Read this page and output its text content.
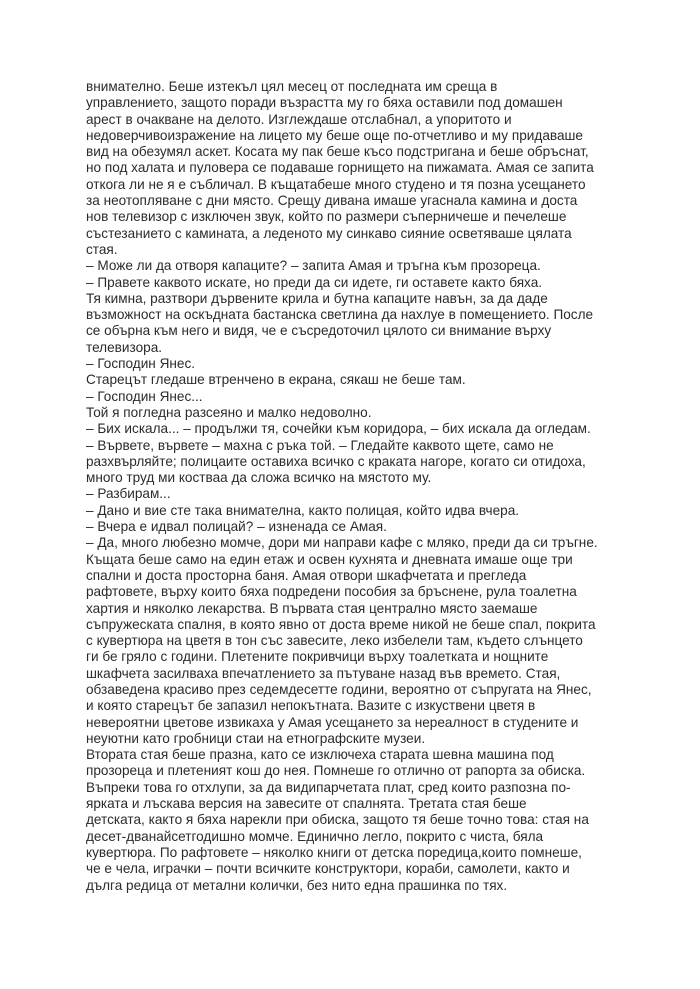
внимателно. Беше изтекъл цял месец от последната им среща в
управлението, защото поради възрастта му го бяха оставили под домашен
арест в очакване на делото. Изглеждаше отслабнал, а упоритото и
недоверчивоизражение на лицето му беше още по-отчетливо и му придаваше
вид на обезумял аскет. Косата му пак беше късо подстригана и беше обръснат,
но под халата и пуловера се подаваше горнището на пижамата. Амая се запита
откога ли не я е събличал. В къщатабеше много студено и тя позна усещането
за неотопляване с дни място. Срещу дивана имаше угаснала камина и доста
нов телевизор с изключен звук, който по размери съперничеше и печелеше
състезанието с камината, а леденото му синкаво сияние осветяваше цялата
стая.
– Може ли да отворя капаците? – запита Амая и тръгна към прозореца.
– Правете каквото искате, но преди да си идете, ги оставете както бяха.
Тя кимна, разтвори дървените крила и бутна капаците навън, за да даде
възможност на оскъдната бастанска светлина да нахлуе в помещението. После
се обърна към него и видя, че е съсредоточил цялото си внимание върху
телевизора.
– Господин Янес.
Старецът гледаше втренчено в екрана, сякаш не беше там.
– Господин Янес...
Той я погледна разсеяно и малко недоволно.
– Бих искала... – продължи тя, сочейки към коридора, – бих искала да огледам.
– Вървете, вървете – махна с ръка той. – Гледайте каквото щете, само не
разхвърляйте; полицаите оставиха всичко с краката нагоре, когато си отидоха,
много труд ми костваа да сложа всичко на мястото му.
– Разбирам...
– Дано и вие сте така внимателна, както полицая, който идва вчера.
– Вчера е идвал полицай? – изненада се Амая.
– Да, много любезно момче, дори ми направи кафе с мляко, преди да си тръгне.
Къщата беше само на един етаж и освен кухнята и дневната имаше още три
спални и доста просторна баня. Амая отвори шкафчетата и прегледа
рафтовете, върху които бяха подредени пособия за бръснене, рула тоалетна
хартия и няколко лекарства. В първата стая централно място заемаше
съпружеската спалня, в която явно от доста време никой не беше спал, покрита
с кувертюра на цветя в тон със завесите, леко избелели там, където слънцето
ги бе гряло с години. Плетените покривчици върху тоалетката и нощните
шкафчета засилваха впечатлението за пътуване назад във времето. Стая,
обзаведена красиво през седемдесетте години, вероятно от съпругата на Янес,
и която старецът бе запазил непокътната. Вазите с изкуствени цветя в
невероятни цветове извикаха у Амая усещането за нереалност в студените и
неуютни като гробници стаи на етнографските музеи.
Втората стая беше празна, като се изключеха старата шевна машина под
прозореца и плетеният кош до нея. Помнеше го отлично от рапорта за обиска.
Въпреки това го отхлупи, за да видипарчетата плат, сред които разпозна по-
ярката и лъскава версия на завесите от спалнята. Третата стая беше
детската, както я бяха нарекли при обиска, защото тя беше точно това: стая на
десет-дванайсетгодишно момче. Единично легло, покрито с чиста, бяла
кувертюра. По рафтовете – няколко книги от детска поредица,които помнеше,
че е чела, играчки – почти всичките конструктори, кораби, самолети, както и
дълга редица от метални колички, без нито една прашинка по тях.
